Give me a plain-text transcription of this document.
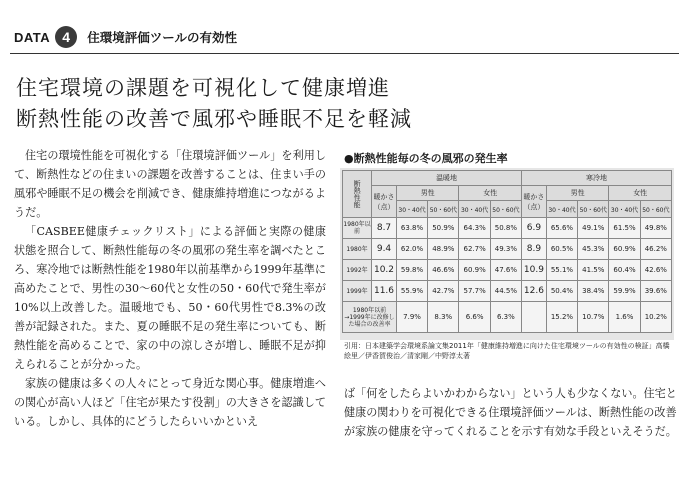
DATA 4	住環境評価ツールの有効性
住宅環境の課題を可視化して健康増進
断熱性能の改善で風邪や睡眠不足を軽減

住宅の環境性能を可視化する「住環境評価ツール」を利用して、断熱性などの住まいの課題を改善することは、住まい手の風邪や睡眠不足の機会を削減でき、健康維持増進につながるようだ。

「CASBEE健康チェックリスト」による評価と実際の健康状態を照合して、断熱性能毎の冬の風邪の発生率を調べたところ、寒冷地では断熱性能を1980年以前基準から1999年基準に高めたことで、男性の30～60代と女性の50・60代で発生率が10%以上改善した。温暖地でも、50・60代男性で8.3%の改善が記録された。また、夏の睡眠不足の発生率についても、断熱性能を高めることで、家の中の涼しさが増し、睡眠不足が抑えられることが分かった。

家族の健康は多くの人々にとって身近な関心事。健康増進への関心が高い人ほど「住宅が果たす役割」の大きさを認識している。しかし、具体的にどうしたらいいかといえ

●断熱性能毎の冬の風邪の発生率
断熱性能	温暖地					寒冷地				
	暖かさ（点）	男性		女性		暖かさ（点）	男性		女性	
		30・40代	50・60代	30・40代	50・60代		30・40代	50・60代	30・40代	50・60代
1980年以前	8.7	63.8%	50.9%	64.3%	50.8%	6.9	65.6%	49.1%	61.5%	49.8%
1980年	9.4	62.0%	48.9%	62.7%	49.3%	8.9	60.5%	45.3%	60.9%	46.2%
1992年	10.2	59.8%	46.6%	60.9%	47.6%	10.9	55.1%	41.5%	60.4%	42.6%
1999年	11.6	55.9%	42.7%	57.7%	44.5%	12.6	50.4%	38.4%	59.9%	39.6%
1980年以前→1999年に改修した場合の改善率		7.9%	8.3%	6.6%	6.3%		15.2%	10.7%	1.6%	10.2%
引用：日本建築学会環境系論文集2011年「健康維持増進に向けた住宅環境ツールの有効性の検証」高橋絵里／伊香賀俊治／清家剛／中野淳太著

ば「何をしたらよいかわからない」という人も少なくない。住宅と健康の関わりを可視化できる住環境評価ツールは、断熱性能の改善が家族の健康を守ってくれることを示す有効な手段といえそうだ。
